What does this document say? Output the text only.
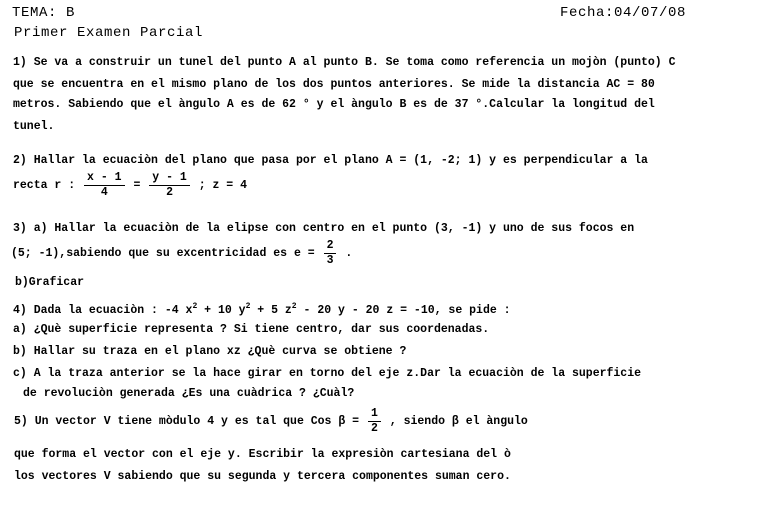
TEMA: B	Fecha:04/07/08
Primer Examen Parcial
1) Se va a construir un tunel del punto A al punto B. Se toma como referencia un mojòn (punto) C
que se encuentra en el mismo plano de los dos puntos anteriores. Se mide la distancia AC = 80
metros. Sabiendo que el àngulo A es de 62 ° y el àngulo B es de 37 °.Calcular la longitud del
tunel.
2) Hallar la ecuaciòn del plano que pasa por el plano A = (1, -2; 1) y es perpendicular a la
recta r : $\frac{x - 1}{4} = \frac{y - 1}{2}$ ; z = 4
3) a) Hallar la ecuaciòn de la elipse con centro en el punto (3, -1) y uno de sus focos en
(5; -1),sabiendo que su excentricidad es $e = \frac{2}{3}$ .
b)Graficar
4) Dada la ecuaciòn : -4 $x^2 + 10$ $y^2 + 5$ $z^2 - 20$ y - 20 z = -10, se pide :
a) ¿Què superficie representa ? Si tiene centro, dar sus coordenadas.
b) Hallar su traza en el plano xz ¿Què curva se obtiene ?
c) A la traza anterior se la hace girar en torno del eje z.Dar la ecuaciòn de la superficie
de revoluciòn generada ¿Es una cuàdrica ? ¿Cuàl?
5) Un vector V tiene mòdulo 4 y es tal que Cos $\beta = \frac{1}{2}$ , siendo β el àngulo
que forma el vector con el eje y. Escribir la expresiòn cartesiana del ò
los vectores V sabiendo que su segunda y tercera componentes suman cero.
